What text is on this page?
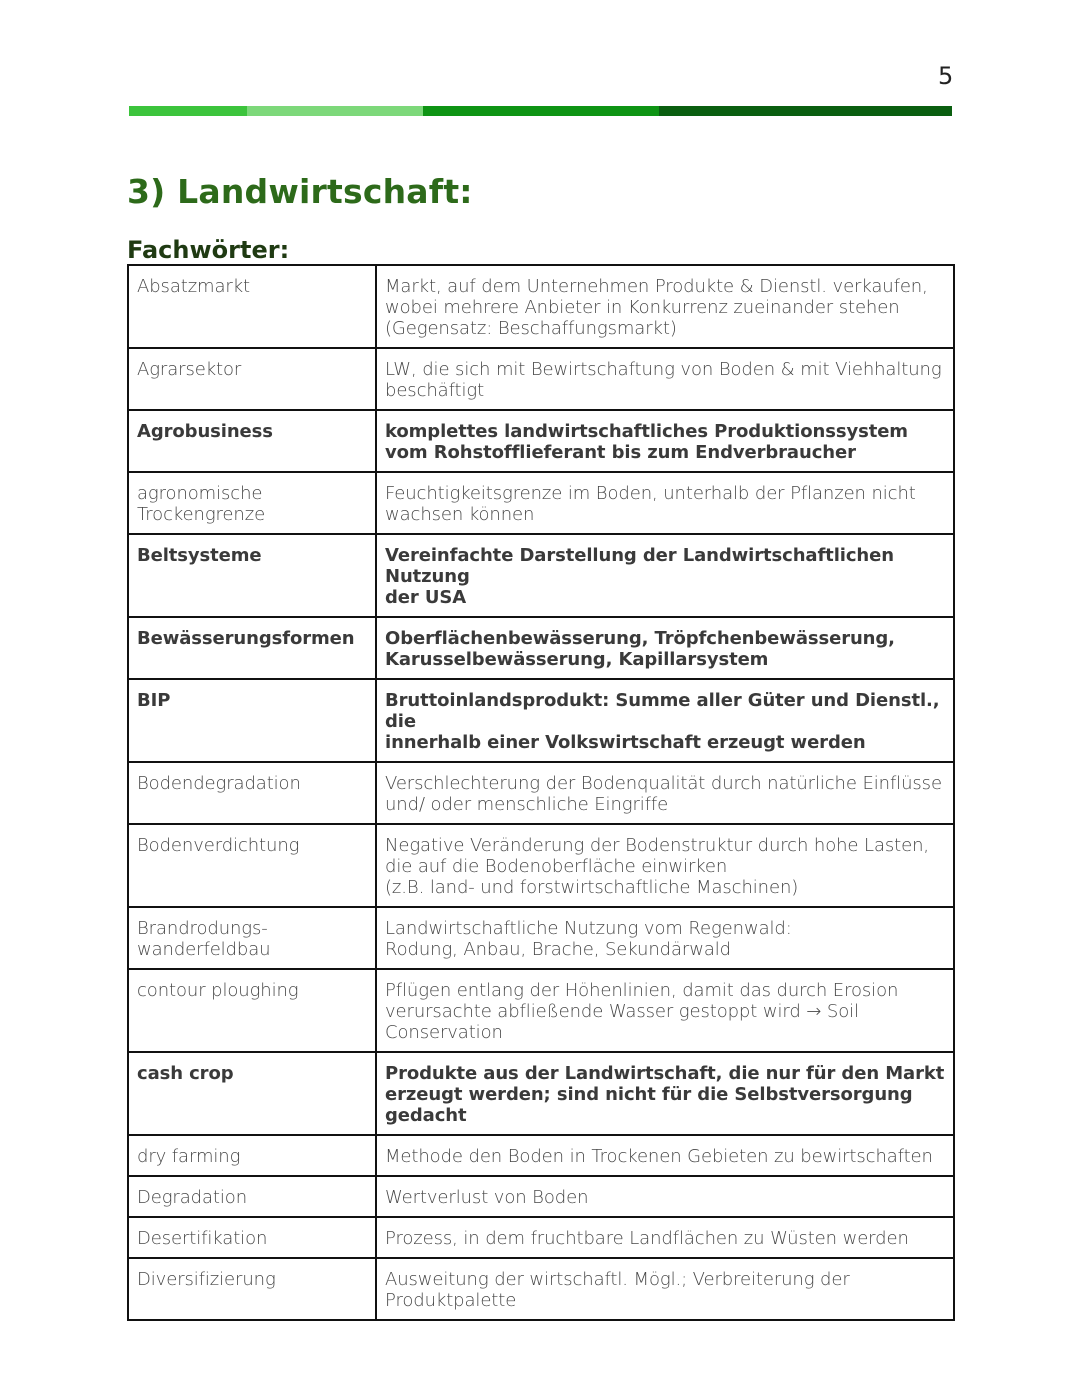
5
3) Landwirtschaft:
Fachwörter:
Absatzmarkt	Markt, auf dem Unternehmen Produkte & Dienstl. verkaufen,
wobei mehrere Anbieter in Konkurrenz zueinander stehen
(Gegensatz: Beschaffungsmarkt)
Agrarsektor	LW, die sich mit Bewirtschaftung von Boden & mit Viehhaltung
beschäftigt
Agrobusiness	komplettes landwirtschaftliches Produktionssystem
vom Rohstofflieferant bis zum Endverbraucher
agronomische
Trockengrenze	Feuchtigkeitsgrenze im Boden, unterhalb der Pflanzen nicht
wachsen können
Beltsysteme	Vereinfachte Darstellung der Landwirtschaftlichen Nutzung
der USA
Bewässerungsformen	Oberflächenbewässerung, Tröpfchenbewässerung,
Karusselbewässerung, Kapillarsystem
BIP	Bruttoinlandsprodukt: Summe aller Güter und Dienstl., die
innerhalb einer Volkswirtschaft erzeugt werden
Bodendegradation	Verschlechterung der Bodenqualität durch natürliche Einflüsse
und/ oder menschliche Eingriffe
Bodenverdichtung	Negative Veränderung der Bodenstruktur durch hohe Lasten,
die auf die Bodenoberfläche einwirken
(z.B. land- und forstwirtschaftliche Maschinen)
Brandrodungs-
wanderfeldbau	Landwirtschaftliche Nutzung vom Regenwald:
Rodung, Anbau, Brache, Sekundärwald
contour ploughing	Pflügen entlang der Höhenlinien, damit das durch Erosion
verursachte abfließende Wasser gestoppt wird → Soil
Conservation
cash crop	Produkte aus der Landwirtschaft, die nur für den Markt
erzeugt werden; sind nicht für die Selbstversorgung gedacht
dry farming	Methode den Boden in Trockenen Gebieten zu bewirtschaften
Degradation	Wertverlust von Boden
Desertifikation	Prozess, in dem fruchtbare Landflächen zu Wüsten werden
Diversifizierung	Ausweitung der wirtschaftl. Mögl.; Verbreiterung der
Produktpalette
